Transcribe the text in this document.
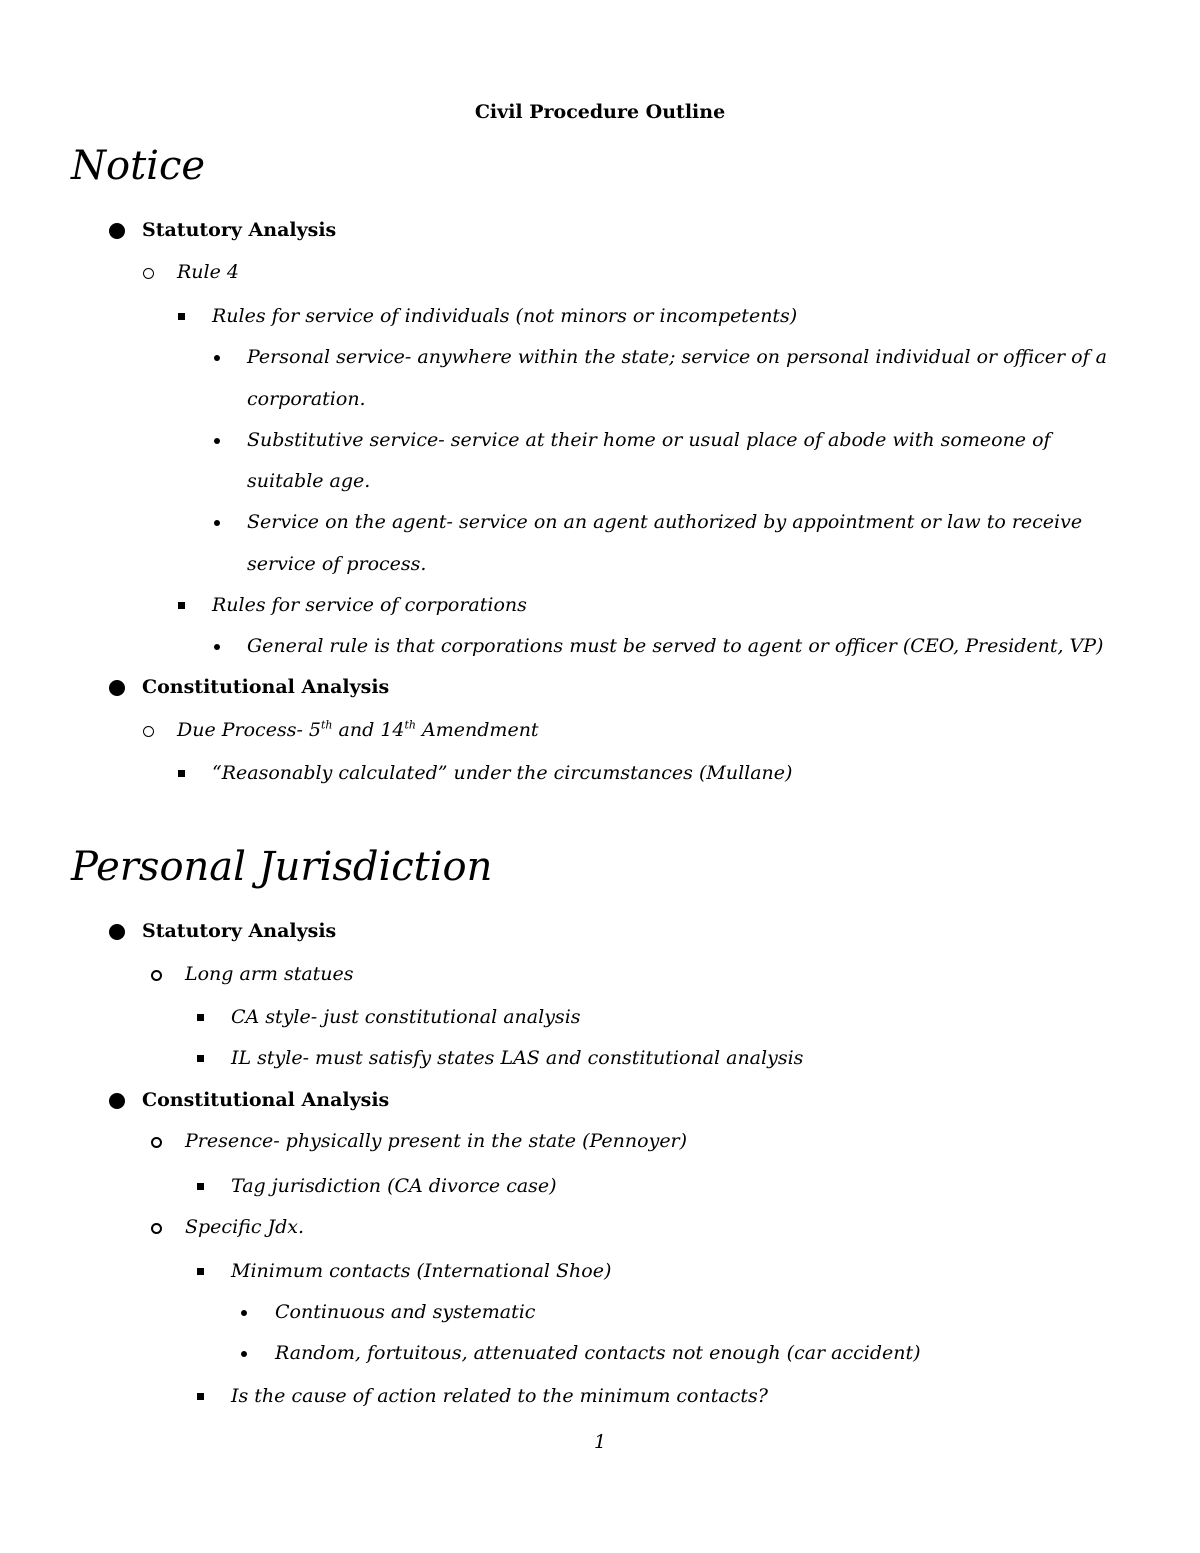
Civil Procedure Outline
Notice
Statutory Analysis
Rule 4
Rules for service of individuals (not minors or incompetents)
Personal service- anywhere within the state; service on personal individual or officer of a
corporation.
Substitutive service- service at their home or usual place of abode with someone of
suitable age.
Service on the agent- service on an agent authorized by appointment or law to receive
service of process.
Rules for service of corporations
General rule is that corporations must be served to agent or officer (CEO, President, VP)
Constitutional Analysis
Due Process- 5th and 14th Amendment
“Reasonably calculated” under the circumstances (Mullane)
Personal Jurisdiction
Statutory Analysis
Long arm statues
CA style- just constitutional analysis
IL style- must satisfy states LAS and constitutional analysis
Constitutional Analysis
Presence- physically present in the state (Pennoyer)
Tag jurisdiction (CA divorce case)
Specific Jdx.
Minimum contacts (International Shoe)
Continuous and systematic
Random, fortuitous, attenuated contacts not enough (car accident)
Is the cause of action related to the minimum contacts?
1
